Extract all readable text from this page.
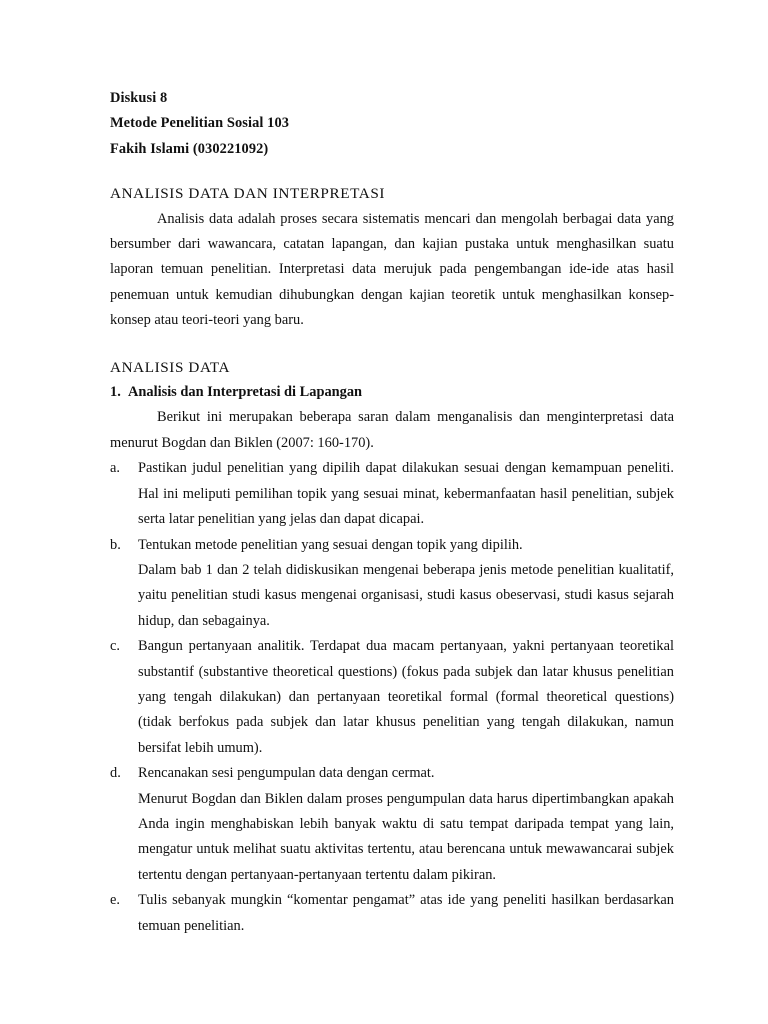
Diskusi 8
Metode Penelitian Sosial 103
Fakih Islami (030221092)
ANALISIS DATA DAN INTERPRETASI

Analisis data adalah proses secara sistematis mencari dan mengolah berbagai data yang bersumber dari wawancara, catatan lapangan, dan kajian pustaka untuk menghasilkan suatu laporan temuan penelitian. Interpretasi data merujuk pada pengembangan ide-ide atas hasil penemuan untuk kemudian dihubungkan dengan kajian teoretik untuk menghasilkan konsep-konsep atau teori-teori yang baru.

ANALISIS DATA
1. Analisis dan Interpretasi di Lapangan

Berikut ini merupakan beberapa saran dalam menganalisis dan menginterpretasi data menurut Bogdan dan Biklen (2007: 160-170).

a.	Pastikan judul penelitian yang dipilih dapat dilakukan sesuai dengan kemampuan peneliti. Hal ini meliputi pemilihan topik yang sesuai minat, kebermanfaatan hasil penelitian, subjek serta latar penelitian yang jelas dan dapat dicapai.

b.	Tentukan metode penelitian yang sesuai dengan topik yang dipilih.

Dalam bab 1 dan 2 telah didiskusikan mengenai beberapa jenis metode penelitian kualitatif, yaitu penelitian studi kasus mengenai organisasi, studi kasus obeservasi, studi kasus sejarah hidup, dan sebagainya.

c.	Bangun pertanyaan analitik. Terdapat dua macam pertanyaan, yakni pertanyaan teoretikal substantif (substantive theoretical questions) (fokus pada subjek dan latar khusus penelitian yang tengah dilakukan) dan pertanyaan teoretikal formal (formal theoretical questions) (tidak berfokus pada subjek dan latar khusus penelitian yang tengah dilakukan, namun bersifat lebih umum).

d.	Rencanakan sesi pengumpulan data dengan cermat.

Menurut Bogdan dan Biklen dalam proses pengumpulan data harus dipertimbangkan apakah Anda ingin menghabiskan lebih banyak waktu di satu tempat daripada tempat yang lain, mengatur untuk melihat suatu aktivitas tertentu, atau berencana untuk mewawancarai subjek tertentu dengan pertanyaan-pertanyaan tertentu dalam pikiran.

e.	Tulis sebanyak mungkin “komentar pengamat” atas ide yang peneliti hasilkan berdasarkan temuan penelitian.
